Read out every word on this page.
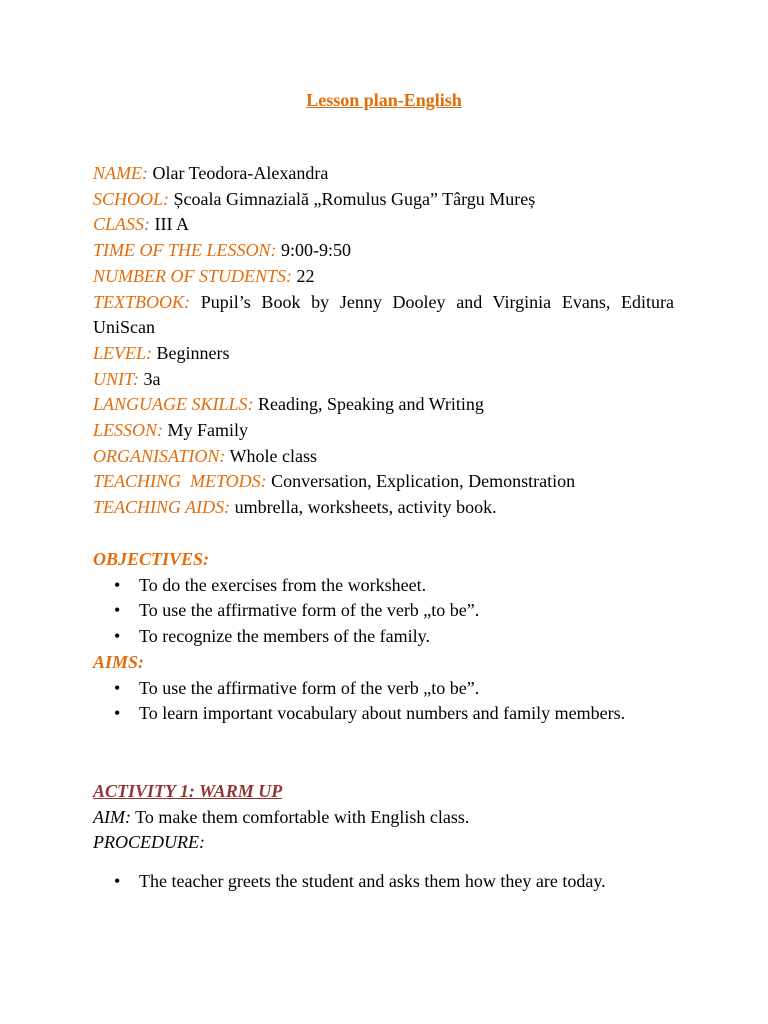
Lesson plan-English
NAME: Olar Teodora-Alexandra
SCHOOL: Școala Gimnazială „Romulus Guga” Târgu Mureș
CLASS: III A
TIME OF THE LESSON: 9:00-9:50
NUMBER OF STUDENTS: 22
TEXTBOOK: Pupil’s Book by Jenny Dooley and Virginia Evans, Editura UniScan
LEVEL: Beginners
UNIT: 3a
LANGUAGE SKILLS: Reading, Speaking and Writing
LESSON: My Family
ORGANISATION: Whole class
TEACHING  METODS: Conversation, Explication, Demonstration
TEACHING AIDS: umbrella, worksheets, activity book.
OBJECTIVES:
• To do the exercises from the worksheet.
• To use the affirmative form of the verb „to be”.
• To recognize the members of the family.
AIMS:
• To use the affirmative form of the verb „to be”.
• To learn important vocabulary about numbers and family members.
ACTIVITY 1: WARM UP
AIM: To make them comfortable with English class.
PROCEDURE:
• The teacher greets the student and asks them how they are today.
